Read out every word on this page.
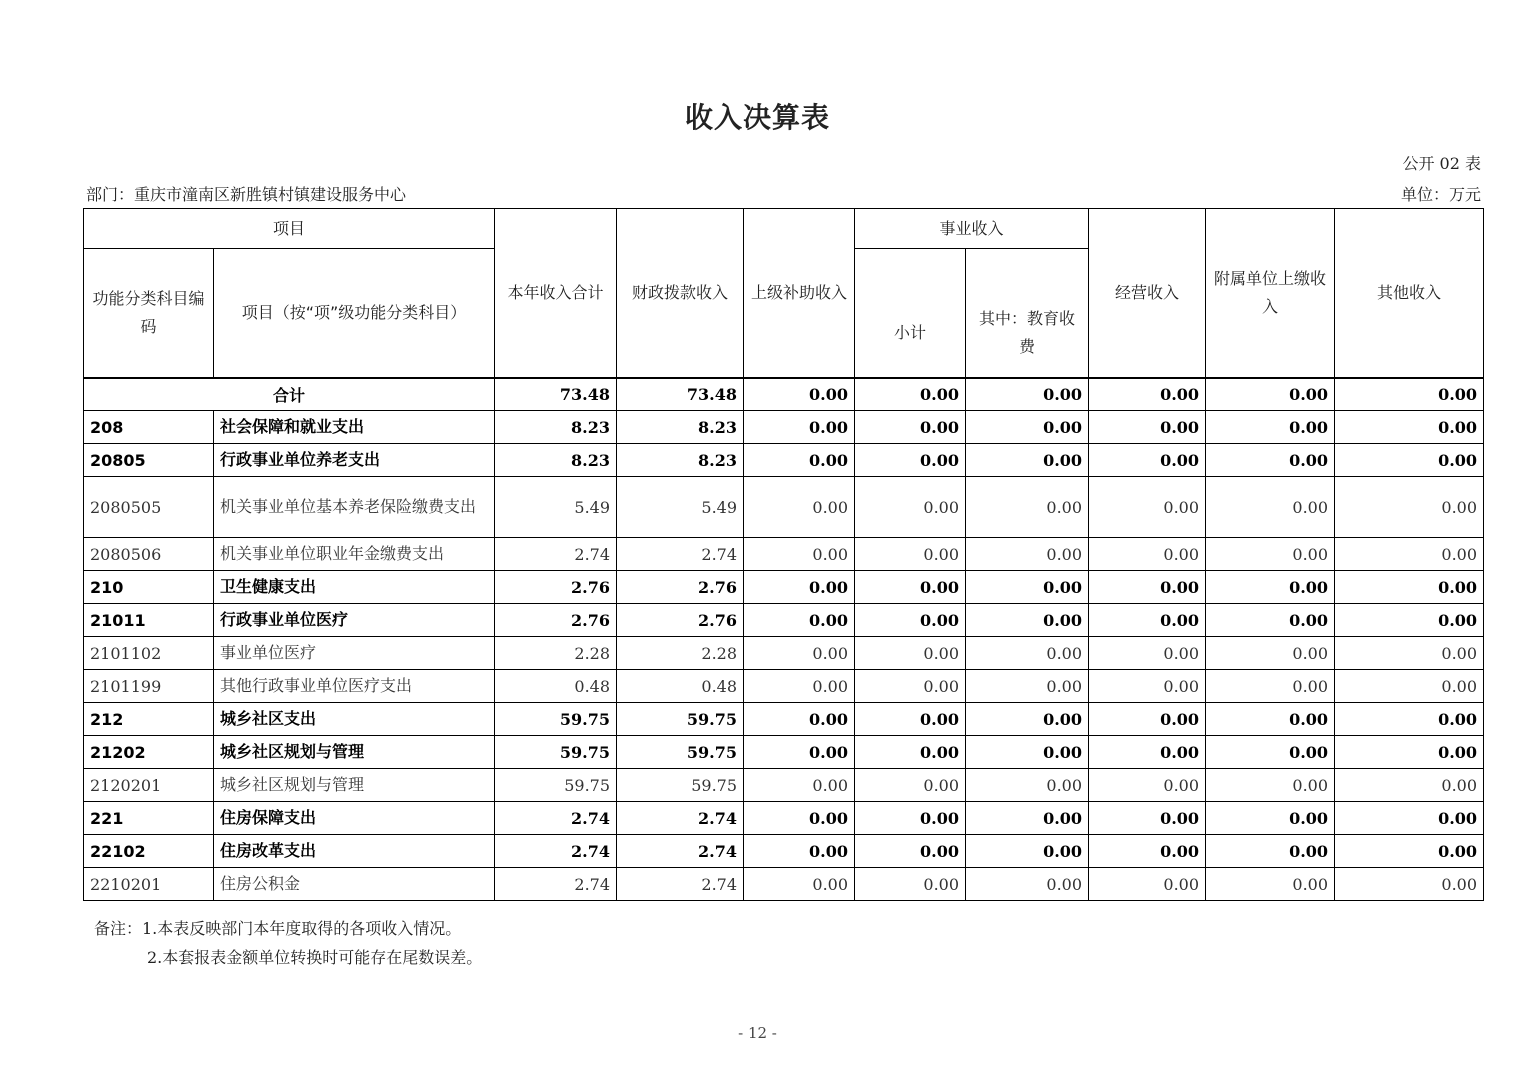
收入决算表
公开 02 表
部门：重庆市潼南区新胜镇村镇建设服务中心	单位：万元
项目		本年收入合计	财政拨款收入	上级补助收入	事业收入		经营收入	附属单位上缴收入	其他收入
功能分类科目编码	项目（按“项”级功能分类科目）				小计	其中：教育收费			
合计		73.48	73.48	0.00	0.00	0.00	0.00	0.00	0.00
208	社会保障和就业支出	8.23	8.23	0.00	0.00	0.00	0.00	0.00	0.00
20805	行政事业单位养老支出	8.23	8.23	0.00	0.00	0.00	0.00	0.00	0.00
2080505	机关事业单位基本养老保险缴费支出	5.49	5.49	0.00	0.00	0.00	0.00	0.00	0.00
2080506	机关事业单位职业年金缴费支出	2.74	2.74	0.00	0.00	0.00	0.00	0.00	0.00
210	卫生健康支出	2.76	2.76	0.00	0.00	0.00	0.00	0.00	0.00
21011	行政事业单位医疗	2.76	2.76	0.00	0.00	0.00	0.00	0.00	0.00
2101102	事业单位医疗	2.28	2.28	0.00	0.00	0.00	0.00	0.00	0.00
2101199	其他行政事业单位医疗支出	0.48	0.48	0.00	0.00	0.00	0.00	0.00	0.00
212	城乡社区支出	59.75	59.75	0.00	0.00	0.00	0.00	0.00	0.00
21202	城乡社区规划与管理	59.75	59.75	0.00	0.00	0.00	0.00	0.00	0.00
2120201	城乡社区规划与管理	59.75	59.75	0.00	0.00	0.00	0.00	0.00	0.00
221	住房保障支出	2.74	2.74	0.00	0.00	0.00	0.00	0.00	0.00
22102	住房改革支出	2.74	2.74	0.00	0.00	0.00	0.00	0.00	0.00
2210201	住房公积金	2.74	2.74	0.00	0.00	0.00	0.00	0.00	0.00
备注：1.本表反映部门本年度取得的各项收入情况。
2.本套报表金额单位转换时可能存在尾数误差。
- 12 -
